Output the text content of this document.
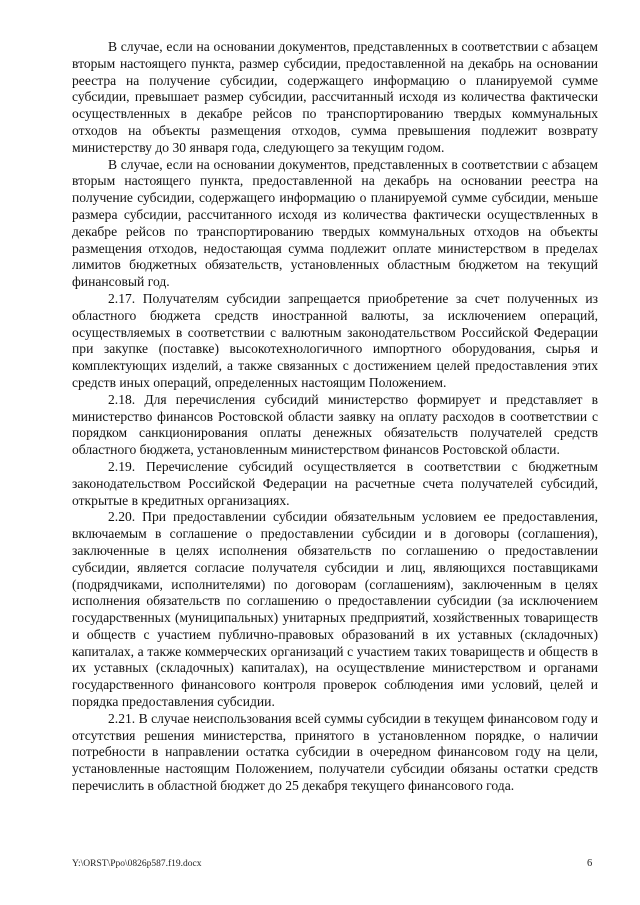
В случае, если на основании документов, представленных в соответствии с абзацем вторым настоящего пункта, размер субсидии, предоставленной на декабрь на основании реестра на получение субсидии, содержащего информацию о планируемой сумме субсидии, превышает размер субсидии, рассчитанный исходя из количества фактически осуществленных в декабре рейсов по транспортированию твердых коммунальных отходов на объекты размещения отходов, сумма превышения подлежит возврату министерству до 30 января года, следующего за текущим годом.

В случае, если на основании документов, представленных в соответствии с абзацем вторым настоящего пункта, предоставленной на декабрь на основании реестра на получение субсидии, содержащего информацию о планируемой сумме субсидии, меньше размера субсидии, рассчитанного исходя из количества фактически осуществленных в декабре рейсов по транспортированию твердых коммунальных отходов на объекты размещения отходов, недостающая сумма подлежит оплате министерством в пределах лимитов бюджетных обязательств, установленных областным бюджетом на текущий финансовый год.

2.17. Получателям субсидии запрещается приобретение за счет полученных из областного бюджета средств иностранной валюты, за исключением операций, осуществляемых в соответствии с валютным законодательством Российской Федерации при закупке (поставке) высокотехнологичного импортного оборудования, сырья и комплектующих изделий, а также связанных с достижением целей предоставления этих средств иных операций, определенных настоящим Положением.

2.18. Для перечисления субсидий министерство формирует и представляет в министерство финансов Ростовской области заявку на оплату расходов в соответствии с порядком санкционирования оплаты денежных обязательств получателей средств областного бюджета, установленным министерством финансов Ростовской области.

2.19. Перечисление субсидий осуществляется в соответствии с бюджетным законодательством Российской Федерации на расчетные счета получателей субсидий, открытые в кредитных организациях.

2.20. При предоставлении субсидии обязательным условием ее предоставления, включаемым в соглашение о предоставлении субсидии и в договоры (соглашения), заключенные в целях исполнения обязательств по соглашению о предоставлении субсидии, является согласие получателя субсидии и лиц, являющихся поставщиками (подрядчиками, исполнителями) по договорам (соглашениям), заключенным в целях исполнения обязательств по соглашению о предоставлении субсидии (за исключением государственных (муниципальных) унитарных предприятий, хозяйственных товариществ и обществ с участием публично-правовых образований в их уставных (складочных) капиталах, а также коммерческих организаций с участием таких товариществ и обществ в их уставных (складочных) капиталах), на осуществление министерством и органами государственного финансового контроля проверок соблюдения ими условий, целей и порядка предоставления субсидии.

2.21. В случае неиспользования всей суммы субсидии в текущем финансовом году и отсутствия решения министерства, принятого в установленном порядке, о наличии потребности в направлении остатка субсидии в очередном финансовом году на цели, установленные настоящим Положением, получатели субсидии обязаны остатки средств перечислить в областной бюджет до 25 декабря текущего финансового года.

Y:\ORST\Ppo\0826p587.f19.docx	6
